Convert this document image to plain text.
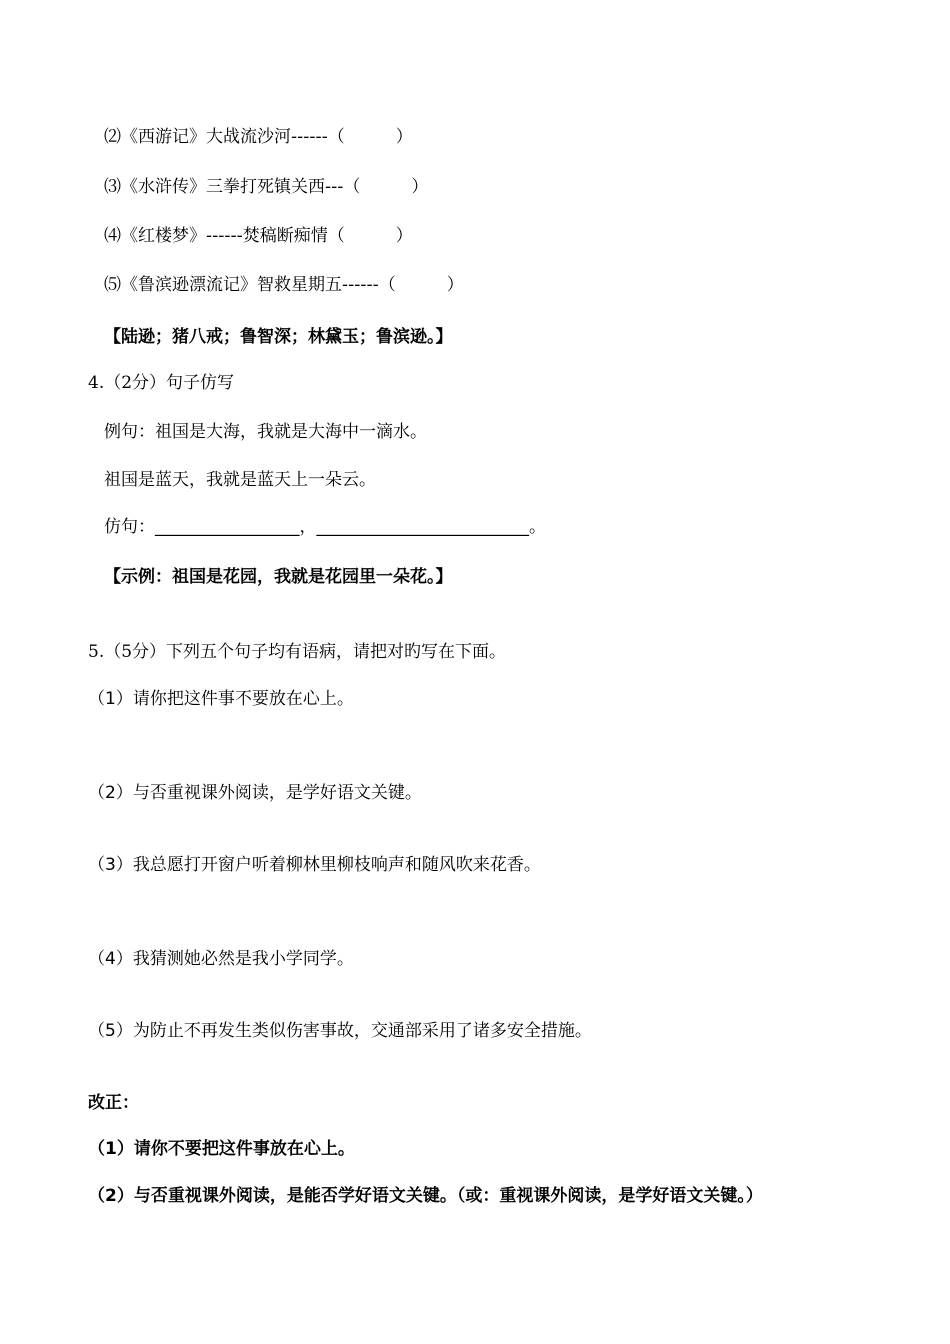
⑵《西游记》大战流沙河------（　　　）
⑶《水浒传》三拳打死镇关西---（　　　）
⑷《红楼梦》------焚稿断痴情（　　　）
⑸《鲁滨逊漂流记》智救星期五------（　　　）
【陆逊；猪八戒；鲁智深；林黛玉；鲁滨逊。】
4.（2分）句子仿写
例句：祖国是大海，我就是大海中一滴水。
祖国是蓝天，我就是蓝天上一朵云。
仿句：_________________，_________________________。
【示例：祖国是花园，我就是花园里一朵花。】
5.（5分）下列五个句子均有语病，请把对旳写在下面。
（1）请你把这件事不要放在心上。
（2）与否重视课外阅读，是学好语文关键。
（3）我总愿打开窗户听着柳林里柳枝响声和随风吹来花香。
（4）我猜测她必然是我小学同学。
（5）为防止不再发生类似伤害事故，交通部采用了诸多安全措施。
改正：
（1）请你不要把这件事放在心上。
（2）与否重视课外阅读，是能否学好语文关键。（或：重视课外阅读，是学好语文关键。）
